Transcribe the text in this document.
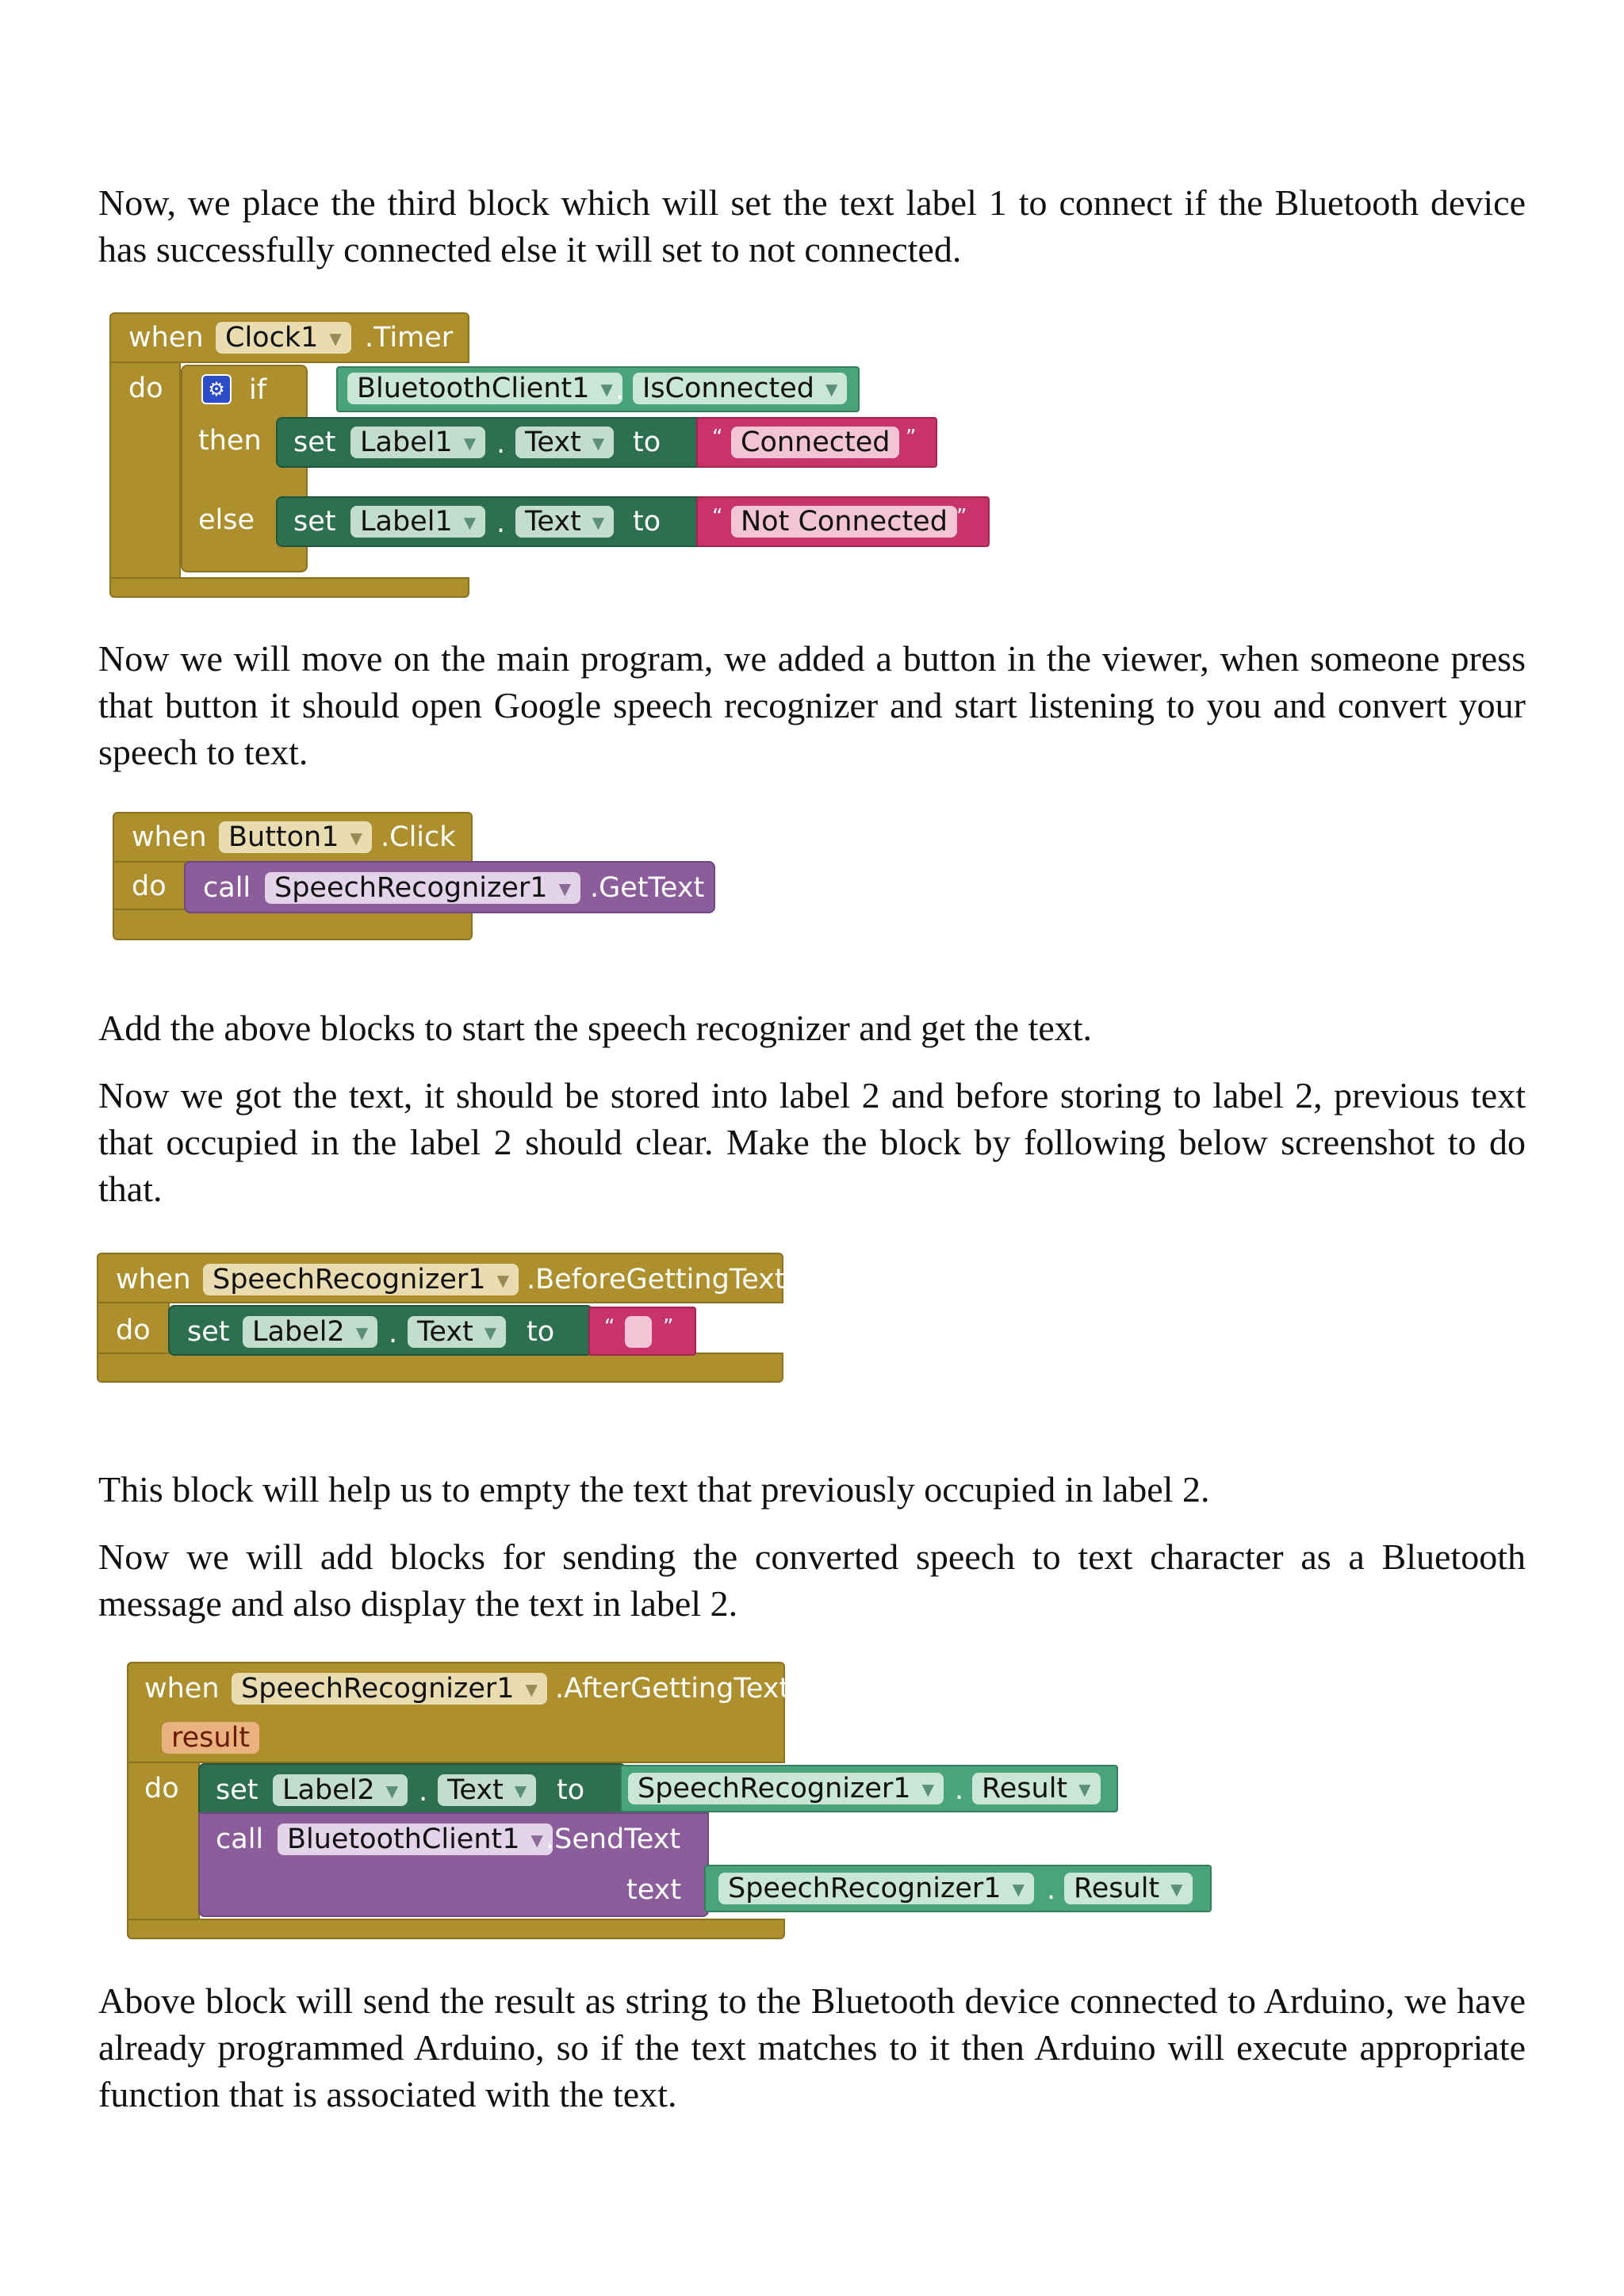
Now, we place the third block which will set the text label 1 to connect if the Bluetooth device has successfully connected else it will set to not connected.

when Clock1 ▼ .Timer
do	⚙ if
then
else
BluetoothClient1 ▼ . IsConnected ▼
set Label1 ▼ . Text ▼	to “ Connected ”
set Label1 ▼ . Text ▼	to “ Not Connected ”

Now we will move on the main program, we added a button in the viewer, when someone press that button it should open Google speech recognizer and start listening to you and convert your speech to text.

when Button1 ▼ .Click
do call SpeechRecognizer1 ▼ .GetText

Add the above blocks to start the speech recognizer and get the text.

Now we got the text, it should be stored into label 2 and before storing to label 2, previous text that occupied in the label 2 should clear. Make the block by following below screenshot to do that.

when SpeechRecognizer1 ▼ .BeforeGettingText
do set Label2 ▼ . Text ▼	to “ ”

This block will help us to empty the text that previously occupied in label 2.

Now we will add blocks for sending the converted speech to text character as a Bluetooth message and also display the text in label 2.

when SpeechRecognizer1 ▼ .AfterGettingText
result
do set Label2 ▼ . Text ▼	to	SpeechRecognizer1 ▼ . Result ▼
call BluetoothClient1 ▼ .SendText
text	SpeechRecognizer1 ▼ . Result ▼

Above block will send the result as string to the Bluetooth device connected to Arduino, we have already programmed Arduino, so if the text matches to it then Arduino will execute appropriate function that is associated with the text.
